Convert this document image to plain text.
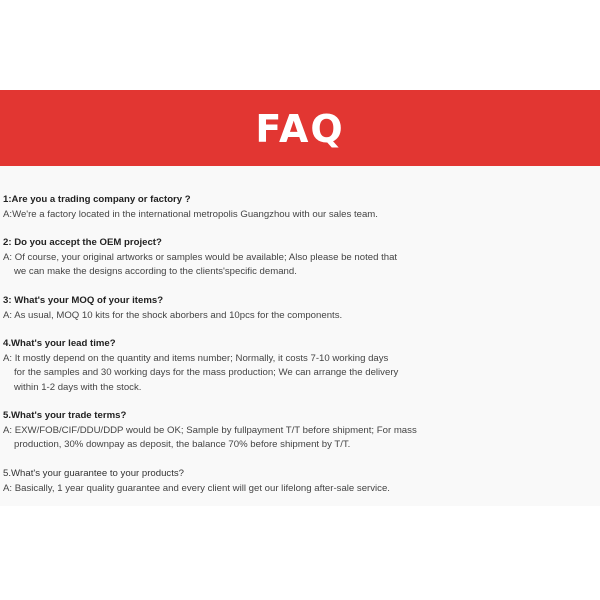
FAQ
1:Are you a trading company or factory ?
A:We're a factory located in the international metropolis Guangzhou with our sales team.
2: Do you accept the OEM project?
A: Of course, your original artworks or samples would be available; Also please be noted that
we can make the designs according to the clients'specific demand.
3: What's your MOQ of your items?
A: As usual, MOQ 10 kits for the shock aborbers and 10pcs for the components.
4.What's your lead time?
A: It mostly depend on the quantity and items number; Normally, it costs 7-10 working days
for the samples and 30 working days for the mass production; We can arrange the delivery
within 1-2 days with the stock.
5.What's your trade terms?
A: EXW/FOB/CIF/DDU/DDP would be OK; Sample by fullpayment T/T before shipment; For mass
production, 30% downpay as deposit, the balance 70% before shipment by T/T.
5.What's your guarantee to your products?
A: Basically, 1 year quality guarantee and every client will get our lifelong after-sale service.
